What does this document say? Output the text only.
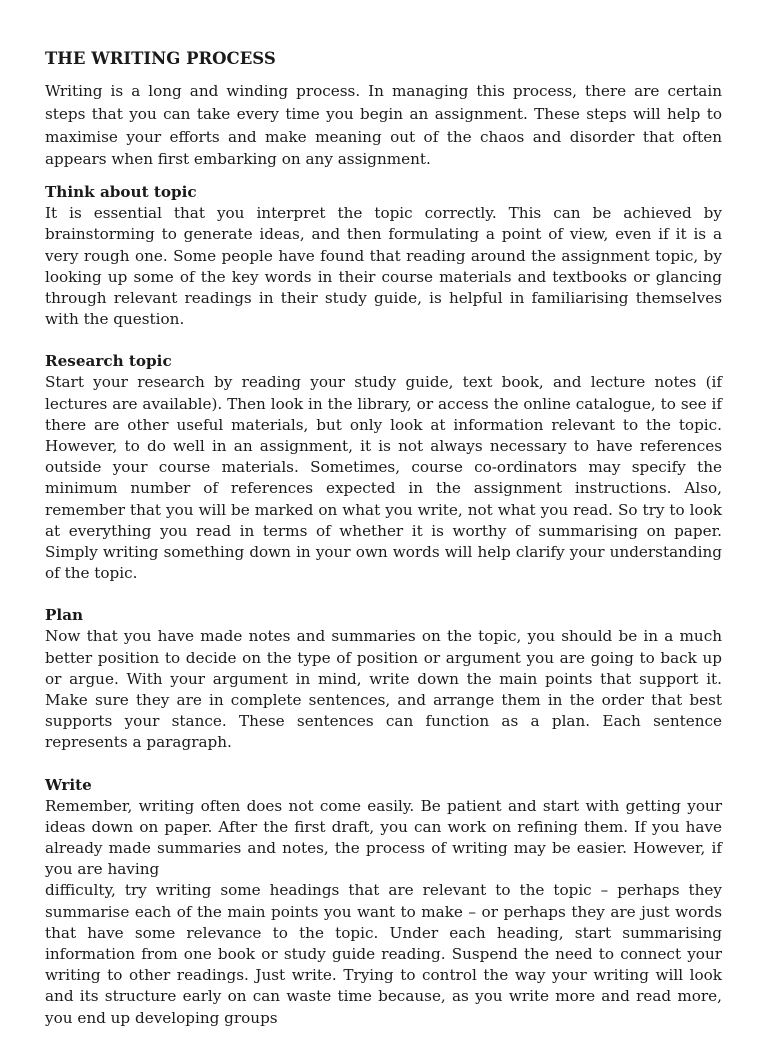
THE WRITING PROCESS

Writing is a long and winding process. In managing this process, there are certain steps that you can take every time you begin an assignment. These steps will help to maximise your efforts and make meaning out of the chaos and disorder that often appears when first embarking on any assignment.

Think about topic

It is essential that you interpret the topic correctly. This can be achieved by brainstorming to generate ideas, and then formulating a point of view, even if it is a very rough one. Some people have found that reading around the assignment topic, by looking up some of the key words in their course materials and textbooks or glancing through relevant readings in their study guide, is helpful in familiarising themselves with the question.

Research topic

Start your research by reading your study guide, text book, and lecture notes (if lectures are available). Then look in the library, or access the online catalogue, to see if there are other useful materials, but only look at information relevant to the topic. However, to do well in an assignment, it is not always necessary to have references outside your course materials. Sometimes, course co-ordinators may specify the minimum number of references expected in the assignment instructions. Also, remember that you will be marked on what you write, not what you read. So try to look at everything you read in terms of whether it is worthy of summarising on paper. Simply writing something down in your own words will help clarify your understanding of the topic.

Plan

Now that you have made notes and summaries on the topic, you should be in a much better position to decide on the type of position or argument you are going to back up or argue. With your argument in mind, write down the main points that support it. Make sure they are in complete sentences, and arrange them in the order that best supports your stance. These sentences can function as a plan. Each sentence represents a paragraph.

Write

Remember, writing often does not come easily. Be patient and start with getting your ideas down on paper. After the first draft, you can work on refining them. If you have already made summaries and notes, the process of writing may be easier. However, if you are having

difficulty, try writing some headings that are relevant to the topic – perhaps they summarise each of the main points you want to make – or perhaps they are just words that have some relevance to the topic. Under each heading, start summarising information from one book or study guide reading. Suspend the need to connect your writing to other readings. Just write. Trying to control the way your writing will look and its structure early on can waste time because, as you write more and read more, you end up developing groups
